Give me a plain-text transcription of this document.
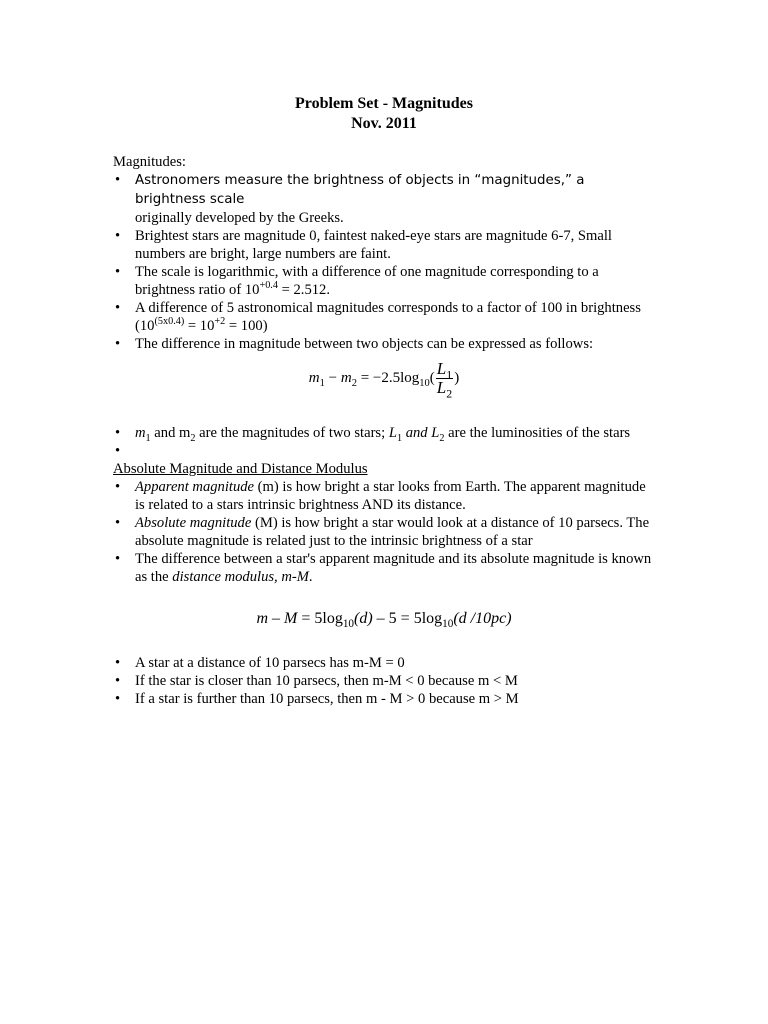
Problem Set - Magnitudes
Nov. 2011
Magnitudes:
• Astronomers measure the brightness of objects in “magnitudes,” a brightness scale
originally developed by the Greeks.
• Brightest stars are magnitude 0, faintest naked-eye stars are magnitude 6-7, Small numbers are bright, large numbers are faint.
• The scale is logarithmic, with a difference of one magnitude corresponding to a brightness ratio of $10^{+0.4} = 2.512$.
• A difference of 5 astronomical magnitudes corresponds to a factor of 100 in brightness $(10^{(5x0.4)} = 10^{+2} = 100)$
• The difference in magnitude between two objects can be expressed as follows:
$m_1 - m_2 = -2.5\log_{10}( \frac{L_1}{L_2}$ )
• $m_1$ and $m_2$ are the magnitudes of two stars; $L_1$ and $L_2$ are the luminosities of the stars
•
Absolute Magnitude and Distance Modulus
• Apparent magnitude (m) is how bright a star looks from Earth. The apparent magnitude is related to a stars intrinsic brightness AND its distance.
• Absolute magnitude (M) is how bright a star would look at a distance of 10 parsecs. The absolute magnitude is related just to the intrinsic brightness of a star
• The difference between a star's apparent magnitude and its absolute magnitude is known as the distance modulus, m-M.
$m - M = 5\log_{10}(d) - 5 = 5\log_{10}(d$ /10pc)
• A star at a distance of 10 parsecs has m-M = 0
• If the star is closer than 10 parsecs, then m-M < 0 because m < M
• If a star is further than 10 parsecs, then m - M > 0 because m > M
